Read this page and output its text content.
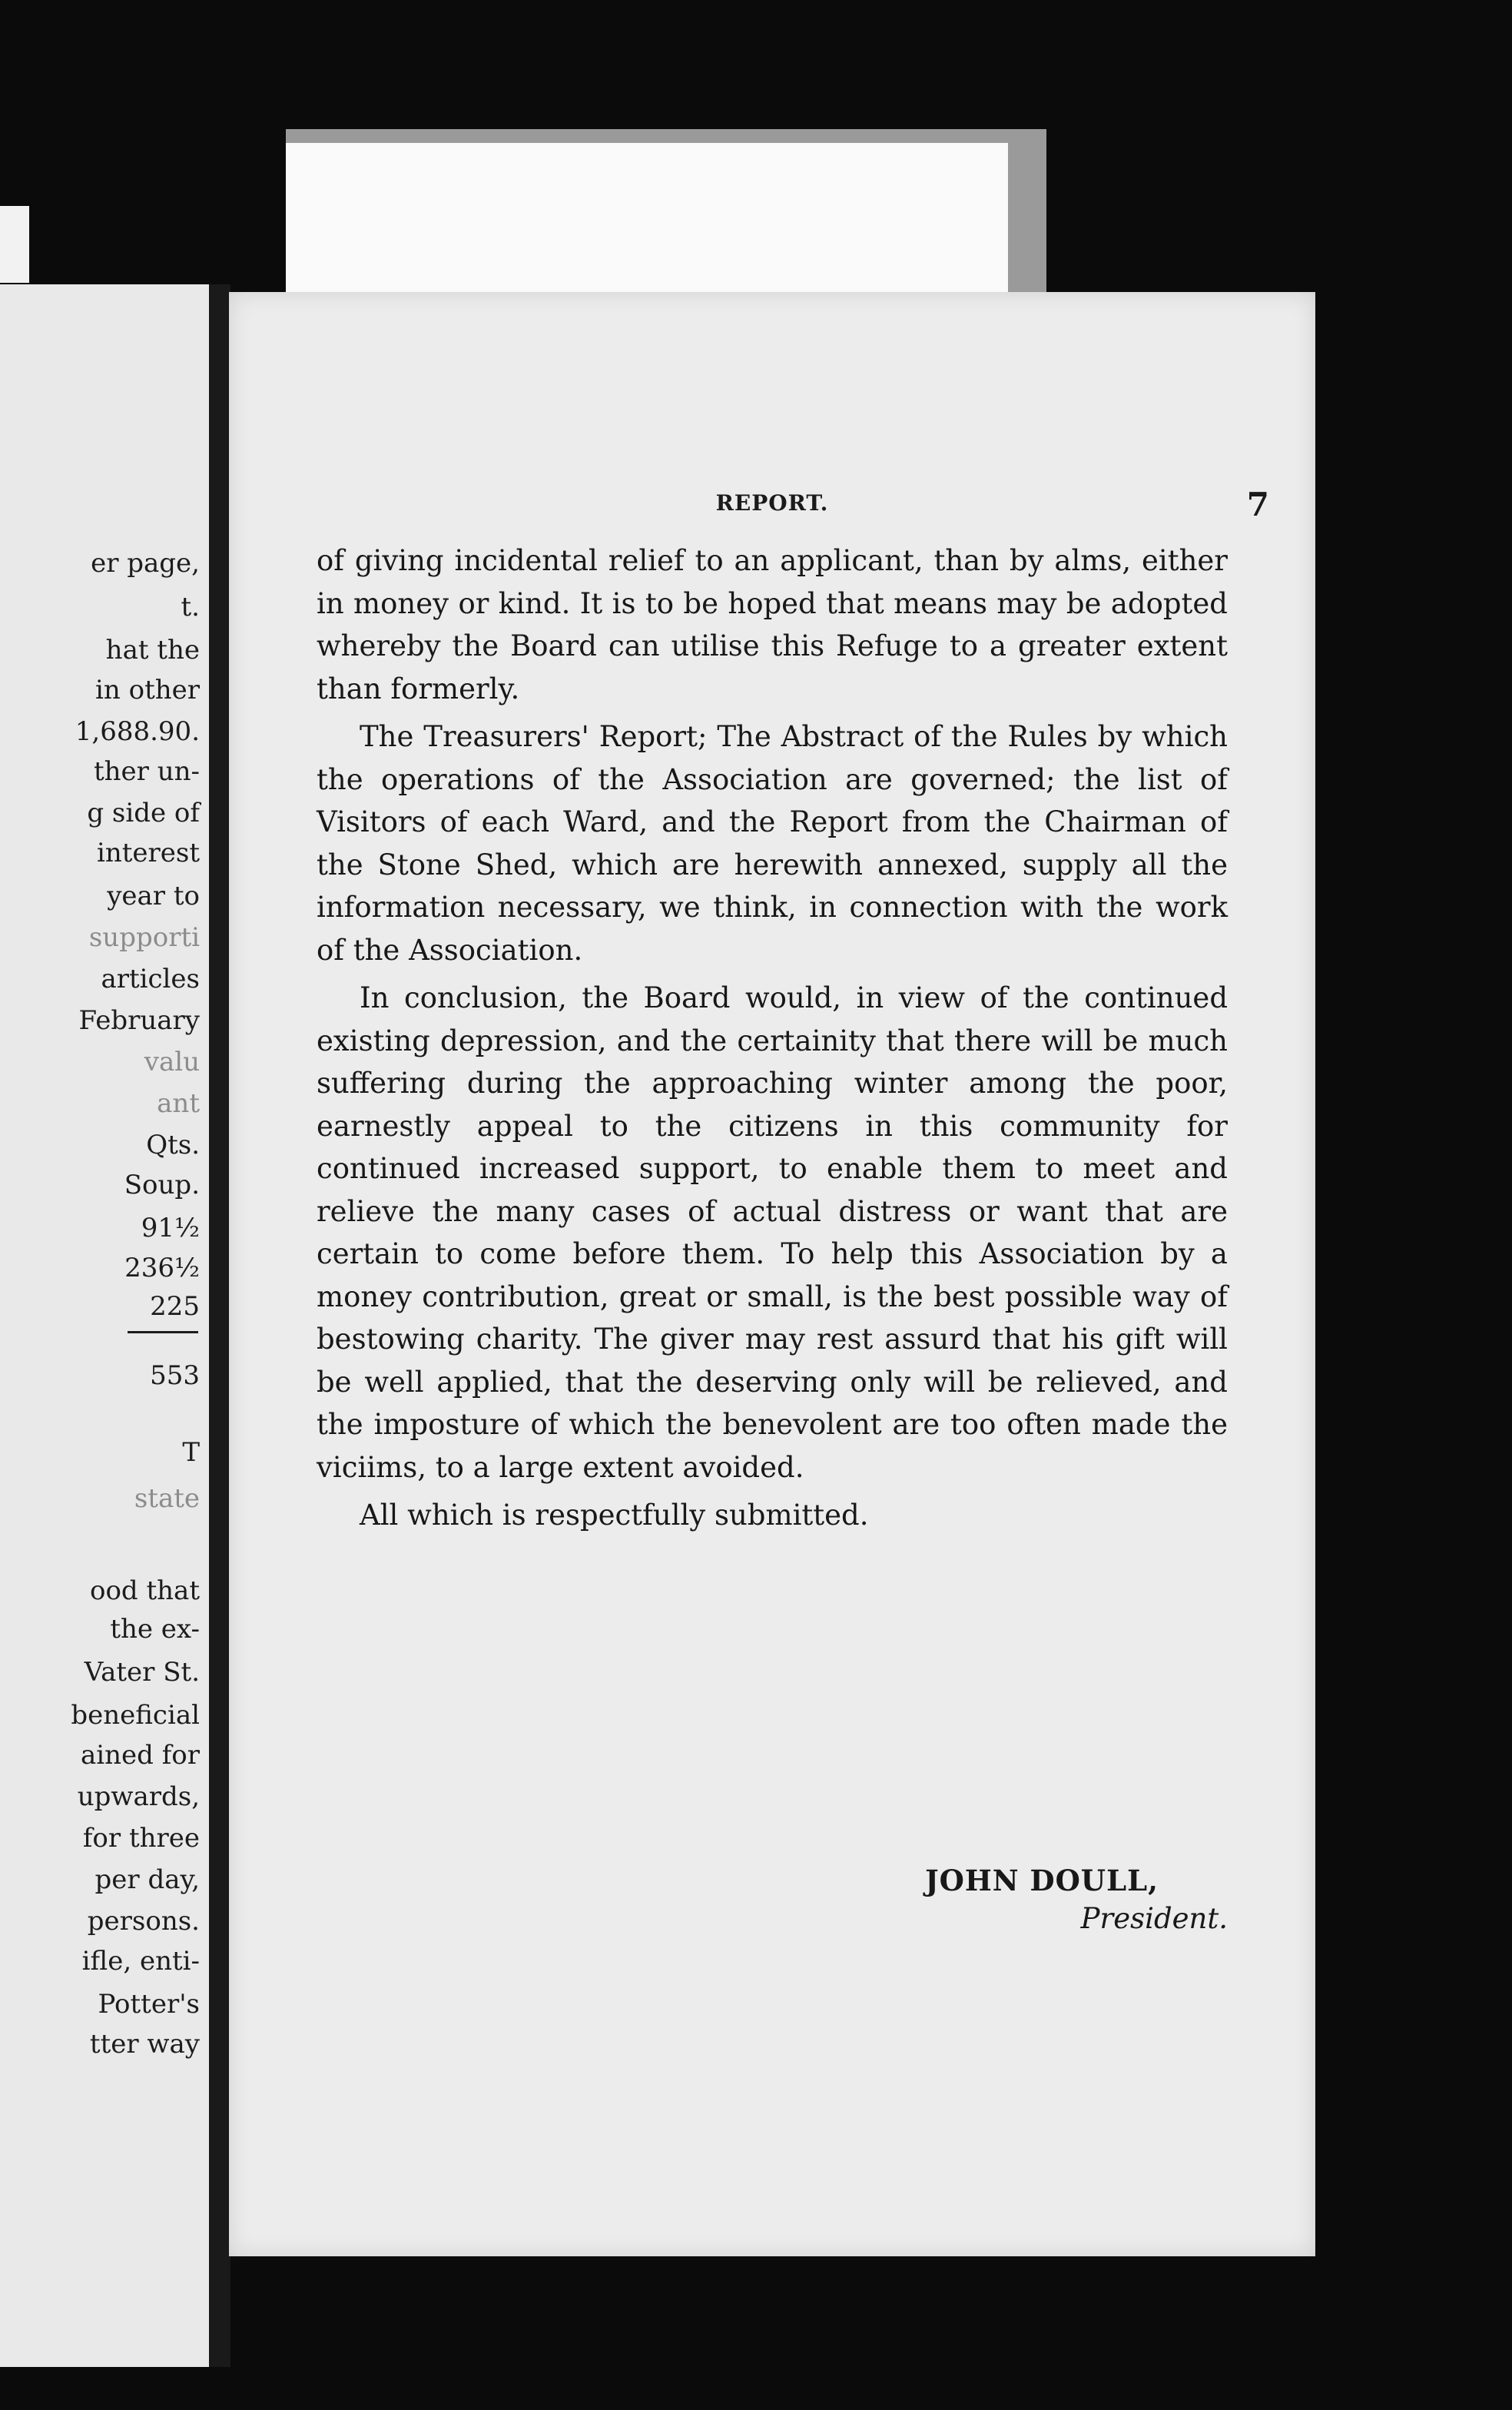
er page,
t.
hat the
in other
1,688.90.
ther un-
g side of
interest
year to
supporti
articles
February
valu
ant
Qts.
Soup.
91½
236½
225
553
T
state
ood that
the ex-
Vater St.
beneficial
ained for
upwards,
for three
per day,
persons.
ifle, enti-
Potter's
tter way
REPORT.	7

of giving incidental relief to an applicant, than by alms, either in money or kind. It is to be hoped that means may be adopted whereby the Board can utilise this Refuge to a greater extent than formerly.

The Treasurers' Report; The Abstract of the Rules by which the operations of the Association are governed; the list of Visitors of each Ward, and the Report from the Chairman of the Stone Shed, which are herewith annexed, supply all the information necessary, we think, in connection with the work of the Association.

In conclusion, the Board would, in view of the continued existing depression, and the certainity that there will be much suffering during the approaching winter among the poor, earnestly appeal to the citizens in this community for continued increased support, to enable them to meet and relieve the many cases of actual distress or want that are certain to come before them. To help this Association by a money contribution, great or small, is the best possible way of bestowing charity. The giver may rest assurd that his gift will be well applied, that the deserving only will be relieved, and the imposture of which the benevolent are too often made the viciims, to a large extent avoided.

All which is respectfully submitted.

JOHN DOULL,
President.
